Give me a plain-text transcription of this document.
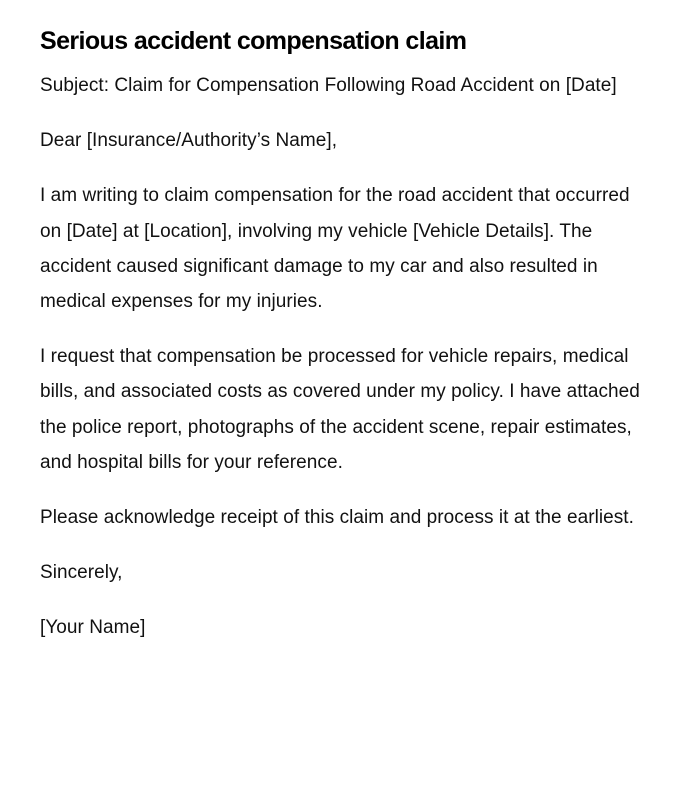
Serious accident compensation claim

Subject: Claim for Compensation Following Road Accident on [Date]

Dear [Insurance/Authority’s Name],

I am writing to claim compensation for the road accident that occurred on [Date] at [Location], involving my vehicle [Vehicle Details]. The accident caused significant damage to my car and also resulted in medical expenses for my injuries.

I request that compensation be processed for vehicle repairs, medical bills, and associated costs as covered under my policy. I have attached the police report, photographs of the accident scene, repair estimates, and hospital bills for your reference.

Please acknowledge receipt of this claim and process it at the earliest.

Sincerely,

[Your Name]
